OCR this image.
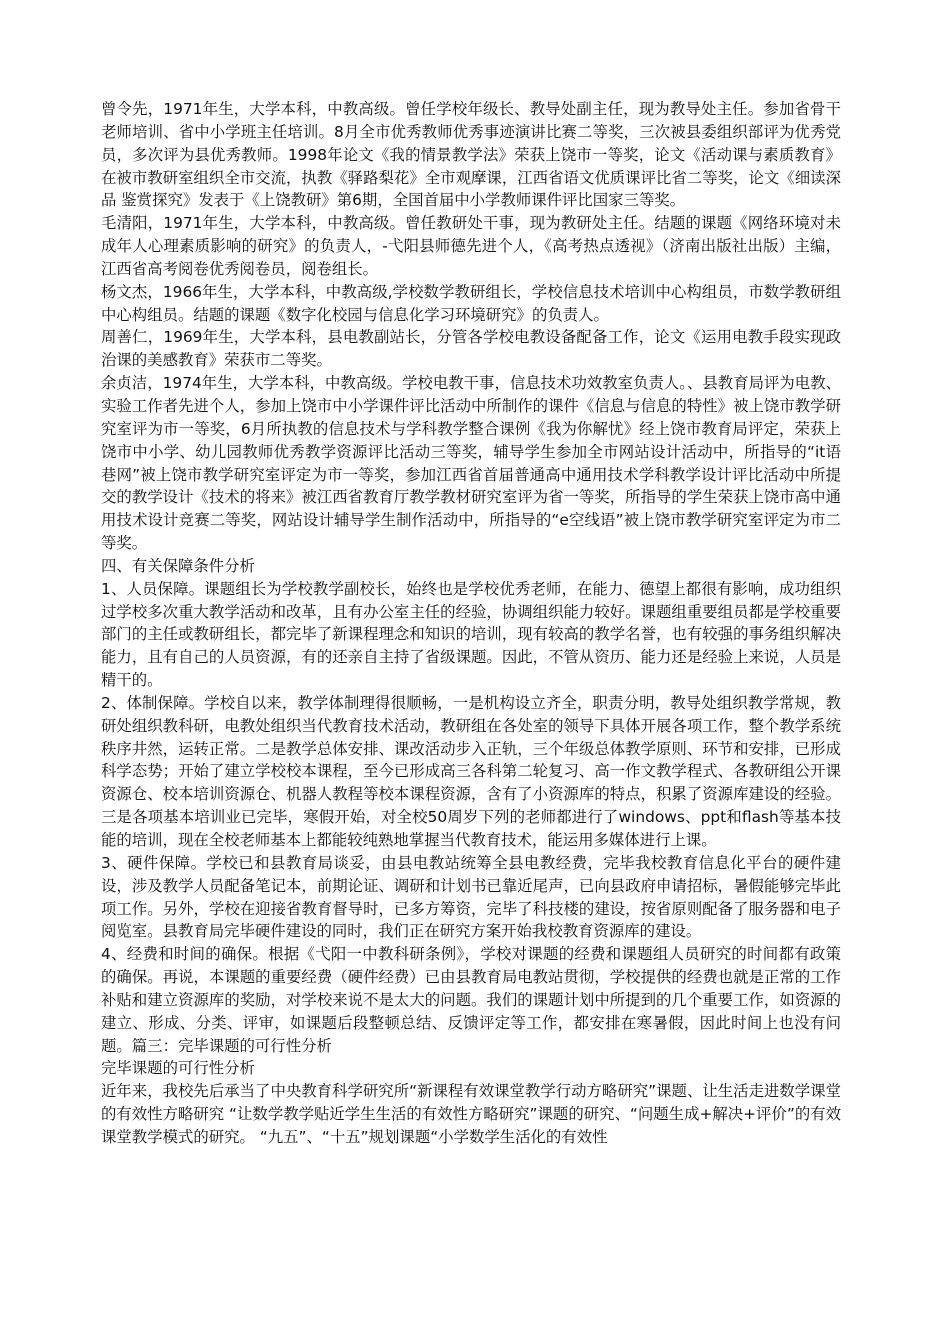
曾令先，1971年生，大学本科，中教高级。曾任学校年级长、教导处副主任，现为教导处主任。参加省骨干老师培训、省中小学班主任培训。8月全市优秀教师优秀事迹演讲比赛二等奖，三次被县委组织部评为优秀党员，多次评为县优秀教师。1998年论文《我的情景教学法》荣获上饶市一等奖，论文《活动课与素质教育》在被市教研室组织全市交流，执教《驿路梨花》全市观摩课，江西省语文优质课评比省二等奖，论文《细读深品 鉴赏探究》发表于《上饶教研》第6期，全国首届中小学教师课件评比国家三等奖。

毛清阳，1971年生，大学本科，中教高级。曾任教研处干事，现为教研处主任。结题的课题《网络环境对未成年人心理素质影响的研究》的负责人，-弋阳县师德先进个人，《高考热点透视》（济南出版社出版）主编，江西省高考阅卷优秀阅卷员，阅卷组长。

杨文杰，1966年生，大学本科，中教高级,学校数学教研组长，学校信息技术培训中心构组员，市数学教研组中心构组员。结题的课题《数字化校园与信息化学习环境研究》的负责人。

周善仁，1969年生，大学本科，县电教副站长，分管各学校电教设备配备工作，论文《运用电教手段实现政治课的美感教育》荣获市二等奖。

余贞洁，1974年生，大学本科，中教高级。学校电教干事，信息技术功效教室负责人。、县教育局评为电教、实验工作者先进个人，参加上饶市中小学课件评比活动中所制作的课件《信息与信息的特性》被上饶市教学研究室评为市一等奖，6月所执教的信息技术与学科教学整合课例《我为你解忧》经上饶市教育局评定，荣获上饶市中小学、幼儿园教师优秀教学资源评比活动三等奖，辅导学生参加全市网站设计活动中，所指导的“it语巷网”被上饶市教学研究室评定为市一等奖，参加江西省首届普通高中通用技术学科教学设计评比活动中所提交的教学设计《技术的将来》被江西省教育厅教学教材研究室评为省一等奖，所指导的学生荣获上饶市高中通用技术设计竞赛二等奖，网站设计辅导学生制作活动中，所指导的“e空线语”被上饶市教学研究室评定为市二等奖。

四、有关保障条件分析

1、人员保障。课题组长为学校教学副校长，始终也是学校优秀老师，在能力、德望上都很有影响，成功组织过学校多次重大教学活动和改革，且有办公室主任的经验，协调组织能力较好。课题组重要组员都是学校重要部门的主任或教研组长，都完毕了新课程理念和知识的培训，现有较高的教学名誉，也有较强的事务组织解决能力，且有自己的人员资源，有的还亲自主持了省级课题。因此，不管从资历、能力还是经验上来说，人员是精干的。

2、体制保障。学校自以来，教学体制理得很顺畅，一是机构设立齐全，职责分明，教导处组织教学常规，教研处组织教科研，电教处组织当代教育技术活动，教研组在各处室的领导下具体开展各项工作，整个教学系统秩序井然，运转正常。二是教学总体安排、课改活动步入正轨，三个年级总体教学原则、环节和安排，已形成科学态势；开始了建立学校校本课程，至今已形成高三各科第二轮复习、高一作文教学程式、各教研组公开课资源仓、校本培训资源仓、机器人教程等校本课程资源，含有了小资源库的特点，积累了资源库建设的经验。三是各项基本培训业已完毕，寒假开始，对全校50周岁下列的老师都进行了windows、ppt和flash等基本技能的培训，现在全校老师基本上都能较纯熟地掌握当代教育技术，能运用多媒体进行上课。

3、硬件保障。学校已和县教育局谈妥，由县电教站统筹全县电教经费，完毕我校教育信息化平台的硬件建设，涉及教学人员配备笔记本，前期论证、调研和计划书已靠近尾声，已向县政府申请招标，暑假能够完毕此项工作。另外，学校在迎接省教育督导时，已多方筹资，完毕了科技楼的建设，按省原则配备了服务器和电子阅览室。县教育局完毕硬件建设的同时，我们正在研究方案开始我校教育资源库的建设。

4、经费和时间的确保。根据《弋阳一中教科研条例》，学校对课题的经费和课题组人员研究的时间都有政策的确保。再说，本课题的重要经费（硬件经费）已由县教育局电教站贯彻，学校提供的经费也就是正常的工作补贴和建立资源库的奖励，对学校来说不是太大的问题。我们的课题计划中所提到的几个重要工作，如资源的建立、形成、分类、评审，如课题后段整顿总结、反馈评定等工作，都安排在寒暑假，因此时间上也没有问题。篇三：完毕课题的可行性分析

完毕课题的可行性分析

近年来，我校先后承当了中央教育科学研究所“新课程有效课堂教学行动方略研究”课题、让生活走进数学课堂的有效性方略研究 “让数学教学贴近学生生活的有效性方略研究”课题的研究、“问题生成+解决+评价”的有效课堂教学模式的研究。 “九五”、“十五”规划课题“小学数学生活化的有效性
